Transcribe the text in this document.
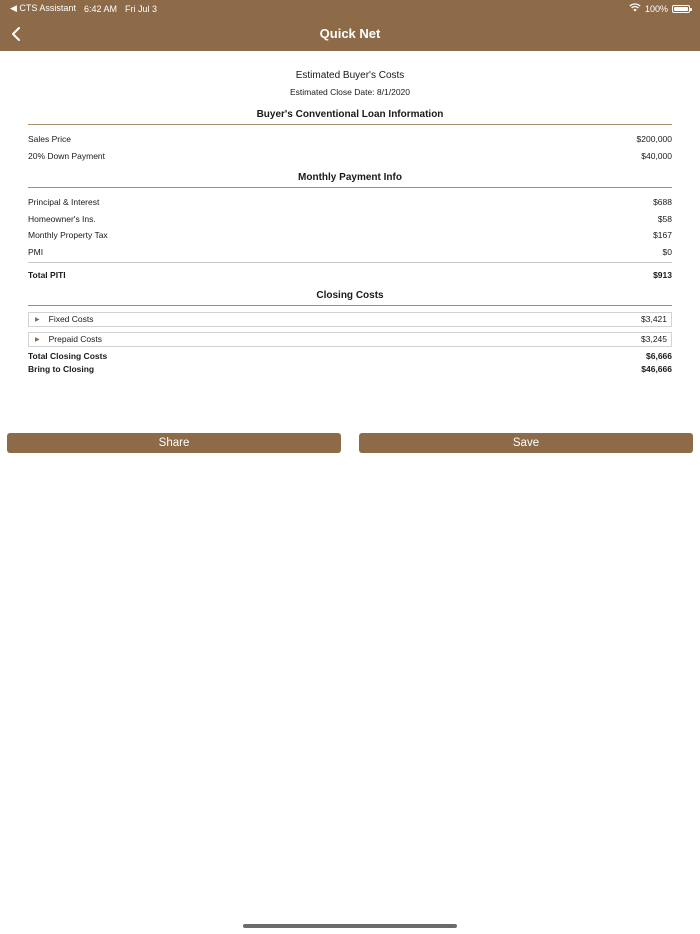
◀ CTS Assistant 6:42 AM Fri Jul 3	100%
Quick Net
Estimated Buyer's Costs
Estimated Close Date: 8/1/2020
Buyer's Conventional Loan Information
Sales Price	$200,000
20% Down Payment	$40,000
Monthly Payment Info
Principal & Interest	$688
Homeowner's Ins.	$58
Monthly Property Tax	$167
PMI	$0
Total PITI	$913
Closing Costs
▶ Fixed Costs	$3,421
▶ Prepaid Costs	$3,245
Total Closing Costs	$6,666
Bring to Closing	$46,666
Share	Save
